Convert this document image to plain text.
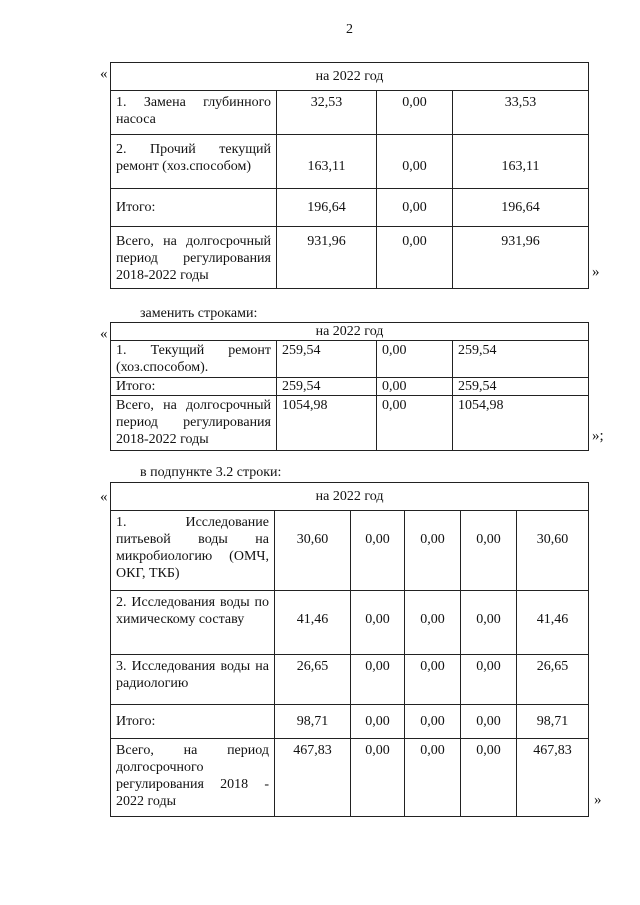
2
«	на 2022 год			
1. Замена глубинного насоса	32,53	0,00	33,53
2. Прочий текущий ремонт (хоз.способом)	163,11	0,00	163,11
Итого:	196,64	0,00	196,64
Всего, на долгосрочный период регулирования 2018-2022 годы	931,96	0,00	931,96
»
заменить строками:
«	на 2022 год			
1. Текущий ремонт (хоз.способом).	259,54	0,00	259,54
Итого:	259,54	0,00	259,54
Всего, на долгосрочный период регулирования 2018-2022 годы	1054,98	0,00	1054,98
»;
в подпункте 3.2 строки:
«	на 2022 год					
1. Исследование питьевой воды на микробиологию (ОМЧ, ОКГ, ТКБ)	30,60	0,00	0,00	0,00	30,60
2. Исследования воды по химическому составу	41,46	0,00	0,00	0,00	41,46
3. Исследования воды на радиологию	26,65	0,00	0,00	0,00	26,65
Итого:	98,71	0,00	0,00	0,00	98,71
Всего, на период долгосрочного регулирования 2018 - 2022 годы	467,83	0,00	0,00	0,00	467,83
»
